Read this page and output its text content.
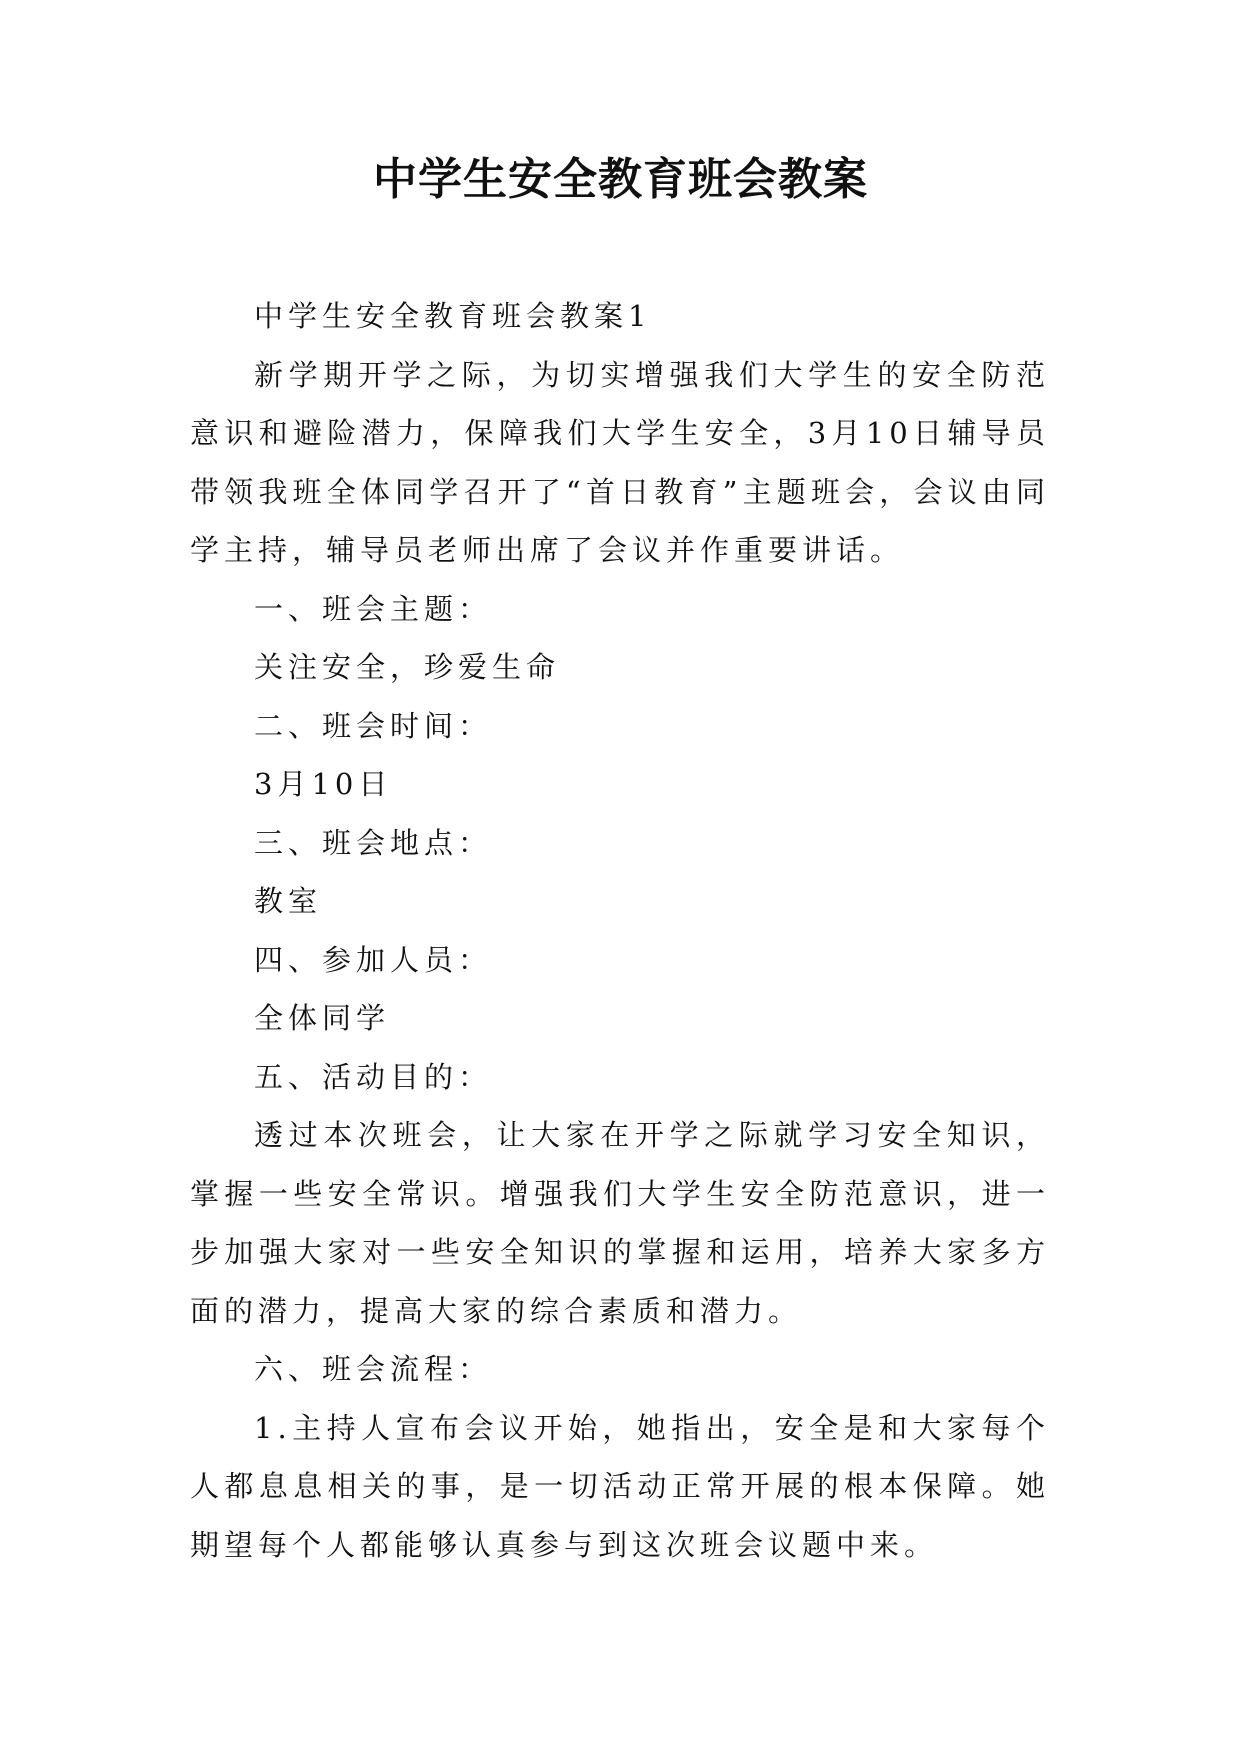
中学生安全教育班会教案

中学生安全教育班会教案1

新学期开学之际，为切实增强我们大学生的安全防范意识和避险潜力，保障我们大学生安全，3月10日辅导员带领我班全体同学召开了“首日教育”主题班会，会议由同学主持，辅导员老师出席了会议并作重要讲话。

一、班会主题：

关注安全，珍爱生命

二、班会时间：

3月10日

三、班会地点：

教室

四、参加人员：

全体同学

五、活动目的：

透过本次班会，让大家在开学之际就学习安全知识，掌握一些安全常识。增强我们大学生安全防范意识，进一步加强大家对一些安全知识的掌握和运用，培养大家多方面的潜力，提高大家的综合素质和潜力。

六、班会流程：

1.主持人宣布会议开始，她指出，安全是和大家每个人都息息相关的事，是一切活动正常开展的根本保障。她期望每个人都能够认真参与到这次班会议题中来。
